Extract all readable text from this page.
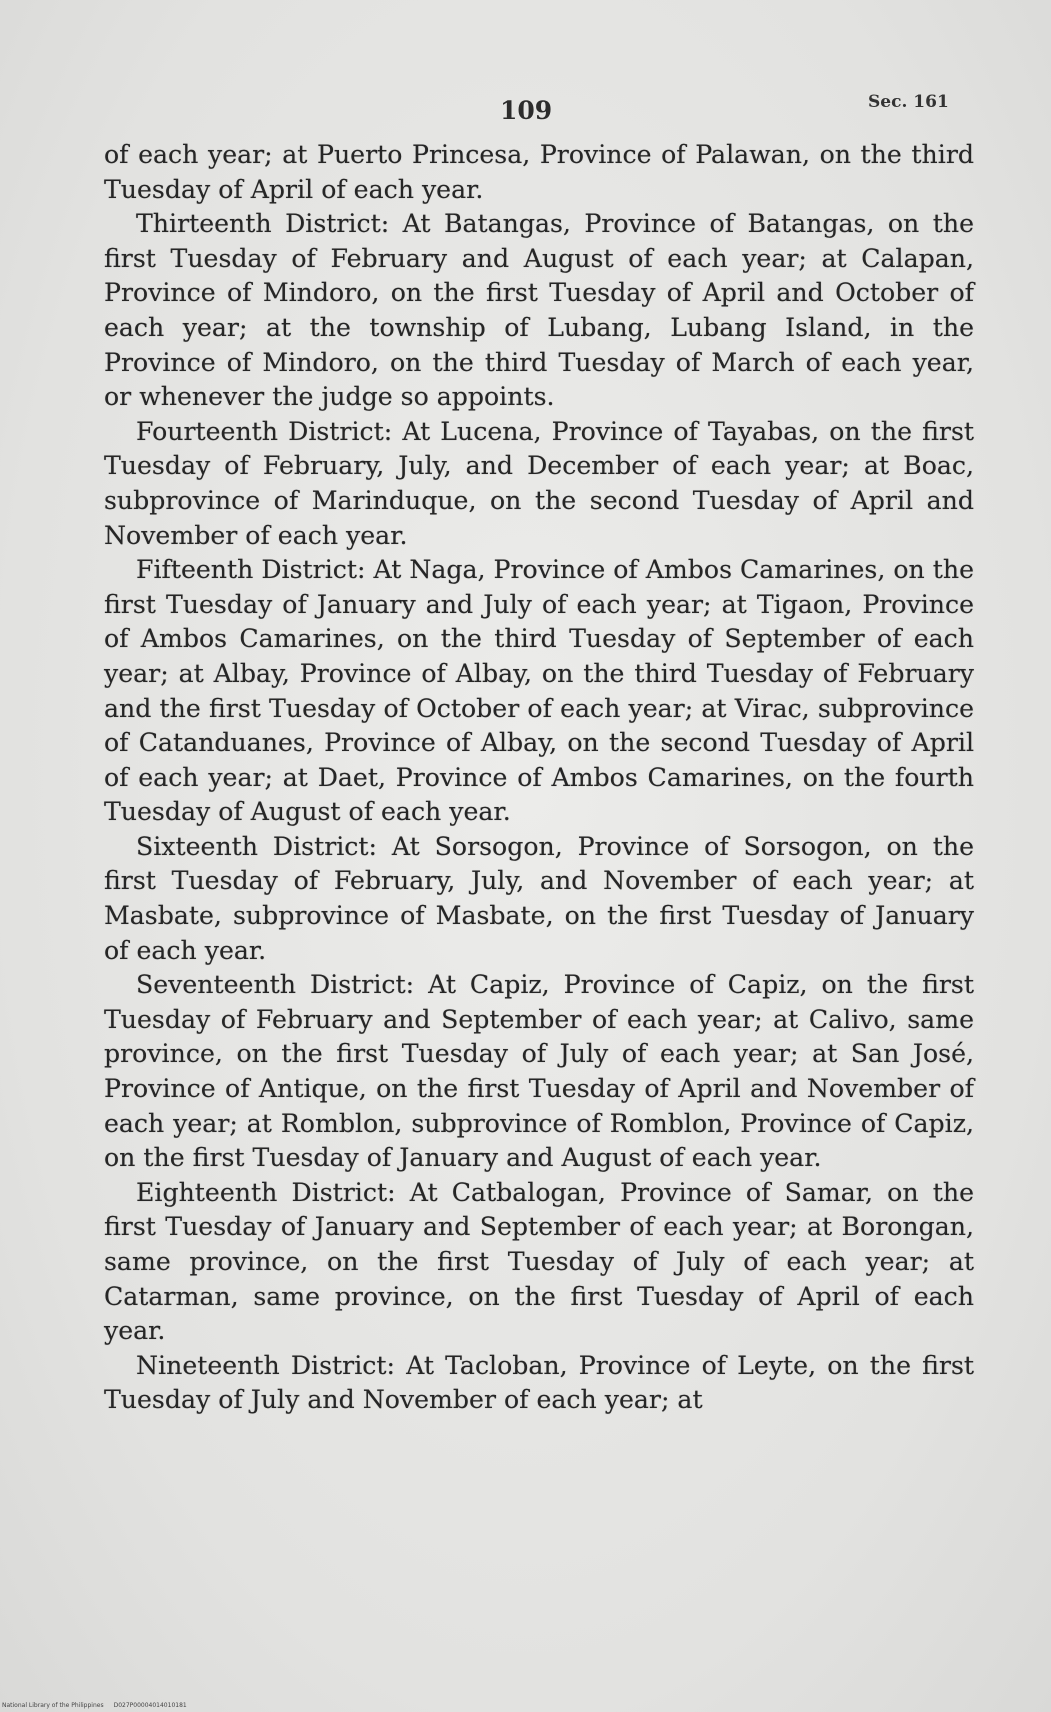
109	Sec. 161

of each year; at Puerto Princesa, Province of Palawan, on the third Tuesday of April of each year.

Thirteenth District: At Batangas, Province of Batangas, on the first Tuesday of February and August of each year; at Calapan, Province of Mindoro, on the first Tuesday of April and October of each year; at the township of Lubang, Lubang Island, in the Province of Mindoro, on the third Tuesday of March of each year, or whenever the judge so appoints.

Fourteenth District: At Lucena, Province of Tayabas, on the first Tuesday of February, July, and December of each year; at Boac, subprovince of Marinduque, on the second Tuesday of April and November of each year.

Fifteenth District: At Naga, Province of Ambos Camarines, on the first Tuesday of January and July of each year; at Tigaon, Province of Ambos Camarines, on the third Tuesday of September of each year; at Albay, Province of Albay, on the third Tuesday of February and the first Tuesday of October of each year; at Virac, subprovince of Catanduanes, Province of Albay, on the second Tuesday of April of each year; at Daet, Province of Ambos Camarines, on the fourth Tuesday of August of each year.

Sixteenth District: At Sorsogon, Province of Sorsogon, on the first Tuesday of February, July, and November of each year; at Masbate, subprovince of Masbate, on the first Tuesday of January of each year.

Seventeenth District: At Capiz, Province of Capiz, on the first Tuesday of February and September of each year; at Calivo, same province, on the first Tuesday of July of each year; at San José, Province of Antique, on the first Tuesday of April and November of each year; at Romblon, subprovince of Romblon, Province of Capiz, on the first Tuesday of January and August of each year.

Eighteenth District: At Catbalogan, Province of Samar, on the first Tuesday of January and September of each year; at Borongan, same province, on the first Tuesday of July of each year; at Catarman, same province, on the first Tuesday of April of each year.

Nineteenth District: At Tacloban, Province of Leyte, on the first Tuesday of July and November of each year; at

National Library of the Philippines D027P00004014010181
